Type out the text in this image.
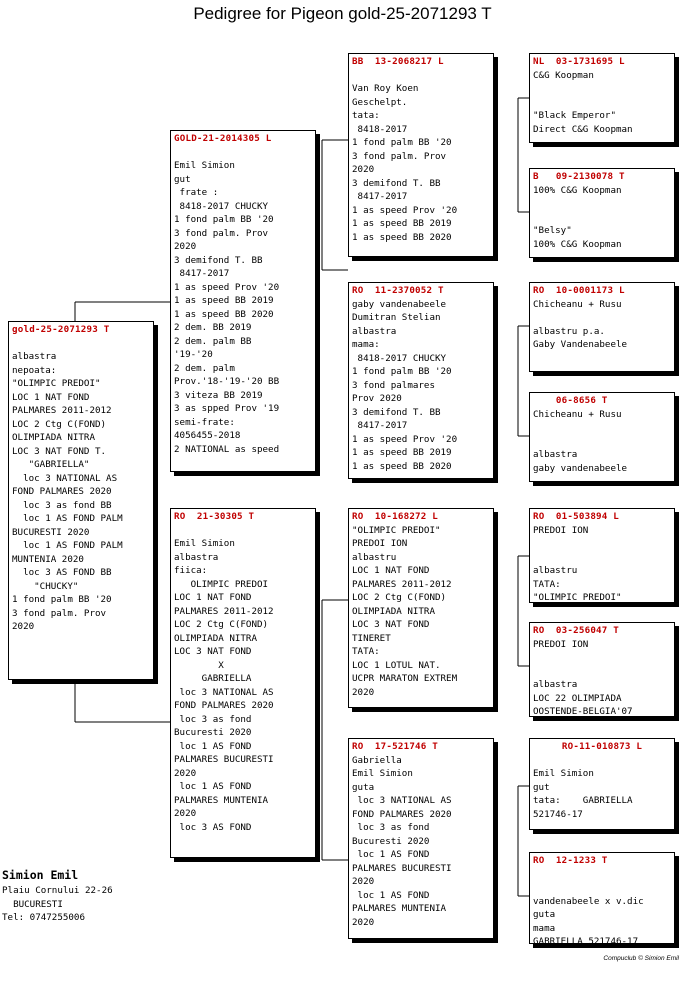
Pedigree for Pigeon gold-25-2071293 T
gold-25-2071293 T

albastra
nepoata:
"OLIMPIC PREDOI"
LOC 1 NAT FOND
PALMARES 2011-2012
LOC 2 Ctg C(FOND)
OLIMPIADA NITRA
LOC 3 NAT FOND T.
"GABRIELLA"
loc 3 NATIONAL AS
FOND PALMARES 2020
loc 3 as fond BB
loc 1 AS FOND PALM
BUCURESTI 2020
loc 1 AS FOND PALM
MUNTENIA 2020
loc 3 AS FOND BB
"CHUCKY"
1 fond palm BB '20
3 fond palm. Prov
2020
GOLD-21-2014305 L

Emil Simion
gut
frate :
8418-2017 CHUCKY
1 fond palm BB '20
3 fond palm. Prov
2020
3 demifond T. BB
8417-2017
1 as speed Prov '20
1 as speed BB 2019
1 as speed BB 2020
2 dem. BB 2019
2 dem. palm BB
'19-'20
2 dem. palm
Prov.'18-'19-'20 BB
3 viteza BB 2019
3 as spped Prov '19
semi-frate:
4056455-2018
2 NATIONAL as speed
RO  21-30305 T

Emil Simion
albastra
fiica:
OLIMPIC PREDOI
LOC 1 NAT FOND
PALMARES 2011-2012
LOC 2 Ctg C(FOND)
OLIMPIADA NITRA
LOC 3 NAT FOND
X
GABRIELLA
loc 3 NATIONAL AS
FOND PALMARES 2020
loc 3 as fond
Bucuresti 2020
loc 1 AS FOND
PALMARES BUCURESTI
2020
loc 1 AS FOND
PALMARES MUNTENIA
2020
loc 3 AS FOND
BB  13-2068217 L

Van Roy Koen
Geschelpt.
tata:
8418-2017
1 fond palm BB '20
3 fond palm. Prov
2020
3 demifond T. BB
8417-2017
1 as speed Prov '20
1 as speed BB 2019
1 as speed BB 2020
RO  11-2370052 T
gaby vandenabeele
Dumitran Stelian
albastra
mama:
8418-2017 CHUCKY
1 fond palm BB '20
3 fond palmares
Prov 2020
3 demifond T. BB
8417-2017
1 as speed Prov '20
1 as speed BB 2019
1 as speed BB 2020
RO  10-168272 L
"OLIMPIC PREDOI"
PREDOI ION
albastru
LOC 1 NAT FOND
PALMARES 2011-2012
LOC 2 Ctg C(FOND)
OLIMPIADA NITRA
LOC 3 NAT FOND
TINERET
TATA:
LOC 1 LOTUL NAT.
UCPR MARATON EXTREM
2020
RO  17-521746 T
Gabriella
Emil Simion
guta
loc 3 NATIONAL AS
FOND PALMARES 2020
loc 3 as fond
Bucuresti 2020
loc 1 AS FOND
PALMARES BUCURESTI
2020
loc 1 AS FOND
PALMARES MUNTENIA
2020
NL  03-1731695 L
C&G Koopman

"Black Emperor"
Direct C&G Koopman
B   09-2130078 T
100% C&G Koopman

"Belsy"
100% C&G Koopman
RO  10-0001173 L
Chicheanu + Rusu

albastru p.a.
Gaby Vandenabeele
06-8656 T
Chicheanu + Rusu

albastra
gaby vandenabeele
RO  01-503894 L
PREDOI ION

albastru
TATA:
"OLIMPIC PREDOI"
RO  03-256047 T
PREDOI ION

albastra
LOC 22 OLIMPIADA
OOSTENDE-BELGIA'07
RO-11-010873 L

Emil Simion
gut
tata:    GABRIELLA
521746-17
RO  12-1233 T

vandenabeele x v.dic
guta
mama
GABRIELLA 521746-17
Simion Emil
Plaiu Cornului 22-26
BUCURESTI
Tel: 0747255006
Compuclub © Simion Emil
